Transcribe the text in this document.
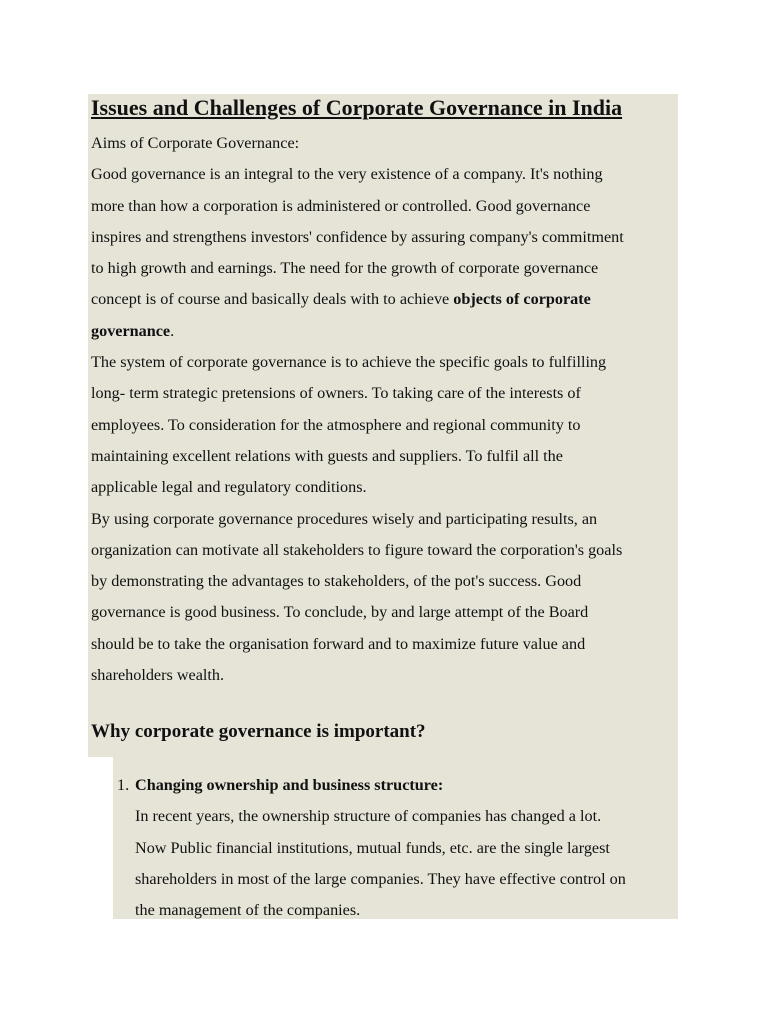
Issues and Challenges of Corporate Governance in India
Aims of Corporate Governance:
Good governance is an integral to the very existence of a company. It's nothing
more than how a corporation is administered or controlled. Good governance
inspires and strengthens investors' confidence by assuring company's commitment
to high growth and earnings. The need for the growth of corporate governance
concept is of course and basically deals with to achieve objects of corporate
governance.
The system of corporate governance is to achieve the specific goals to fulfilling
long- term strategic pretensions of owners. To taking care of the interests of
employees. To consideration for the atmosphere and regional community to
maintaining excellent relations with guests and suppliers. To fulfil all the
applicable legal and regulatory conditions.
By using corporate governance procedures wisely and participating results, an
organization can motivate all stakeholders to figure toward the corporation's goals
by demonstrating the advantages to stakeholders, of the pot's success. Good
governance is good business. To conclude, by and large attempt of the Board
should be to take the organisation forward and to maximize future value and
shareholders wealth.
Why corporate governance is important?
1. Changing ownership and business structure:
In recent years, the ownership structure of companies has changed a lot.
Now Public financial institutions, mutual funds, etc. are the single largest
shareholders in most of the large companies. They have effective control on
the management of the companies.
